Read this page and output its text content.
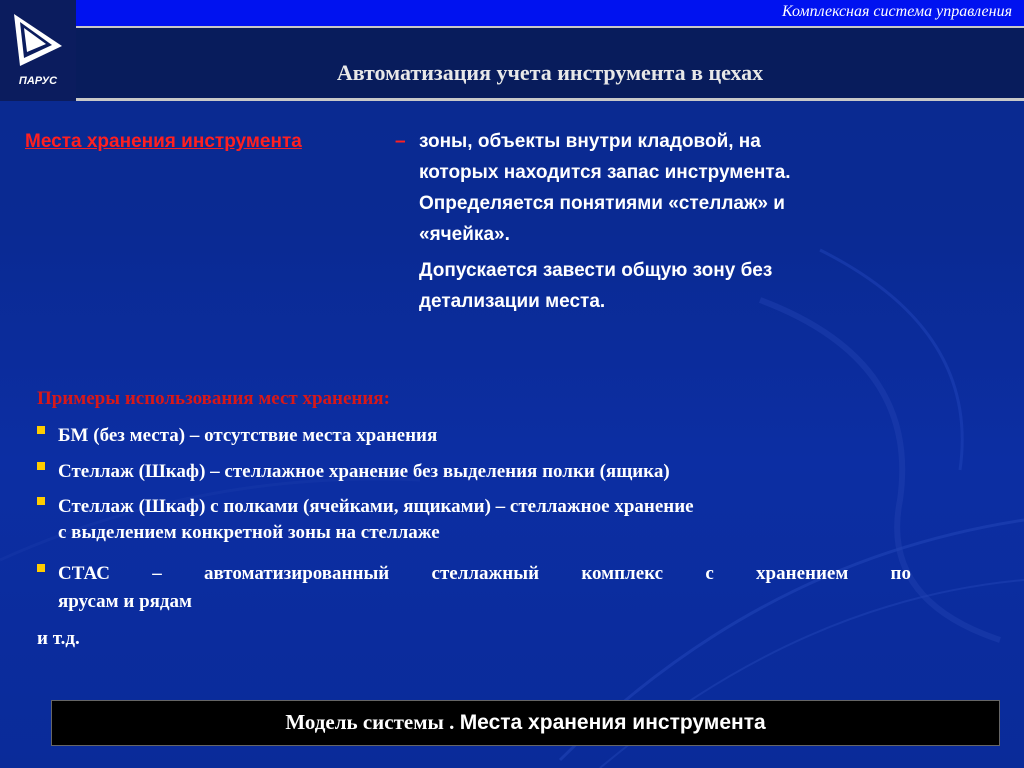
ПАРУС
Комплексная система управления
Автоматизация учета инструмента в цехах
Места хранения инструмента	– зоны, объекты внутри кладовой, на
которых находится запас инструмента.
Определяется понятиями «стеллаж» и
«ячейка».
Допускается завести общую зону без
детализации места.
Примеры использования мест хранения:
БМ (без места) – отсутствие места хранения
Стеллаж (Шкаф) – стеллажное хранение без выделения полки (ящика)
Стеллаж (Шкаф) с полками (ячейками, ящиками) – стеллажное хранение
с выделением конкретной зоны на стеллаже
СТАС – автоматизированный стеллажный комплекс с хранением по
ярусам и рядам
и т.д.
Модель системы . Места хранения инструмента
